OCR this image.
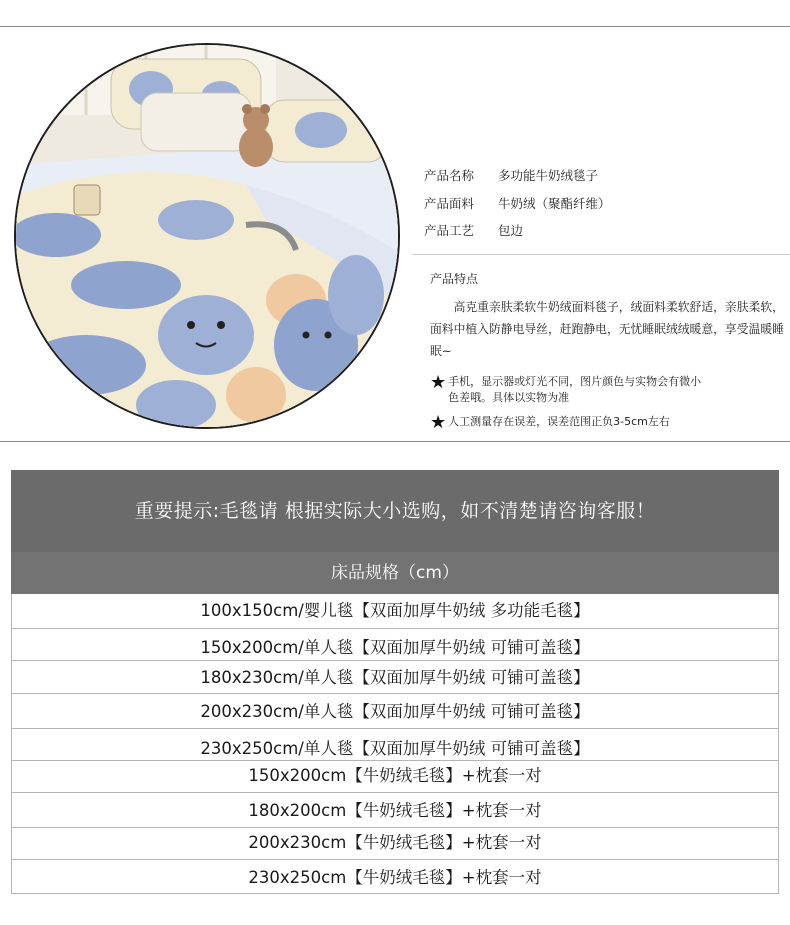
产品名称 多功能牛奶绒毯子
产品面料 牛奶绒（聚酯纤维）
产品工艺 包边
产品特点
高克重亲肤柔软牛奶绒面料毯子，绒面料柔软舒适，亲肤柔软，面料中植入防静电导丝，赶跑静电，无忧睡眠绒绒暖意，享受温暖睡眠~
★ 手机，显示器或灯光不同，图片颜色与实物会有微小
色差哦。具体以实物为准
★ 人工测量存在误差，误差范围正负3-5cm左右
重要提示:毛毯请 根据实际大小选购，如不清楚请咨询客服！
床品规格（cm）
100x150cm/婴儿毯【双面加厚牛奶绒 多功能毛毯】
150x200cm/单人毯【双面加厚牛奶绒 可铺可盖毯】
180x230cm/单人毯【双面加厚牛奶绒 可铺可盖毯】
200x230cm/单人毯【双面加厚牛奶绒 可铺可盖毯】
230x250cm/单人毯【双面加厚牛奶绒 可铺可盖毯】
150x200cm【牛奶绒毛毯】+枕套一对
180x200cm【牛奶绒毛毯】+枕套一对
200x230cm【牛奶绒毛毯】+枕套一对
230x250cm【牛奶绒毛毯】+枕套一对
